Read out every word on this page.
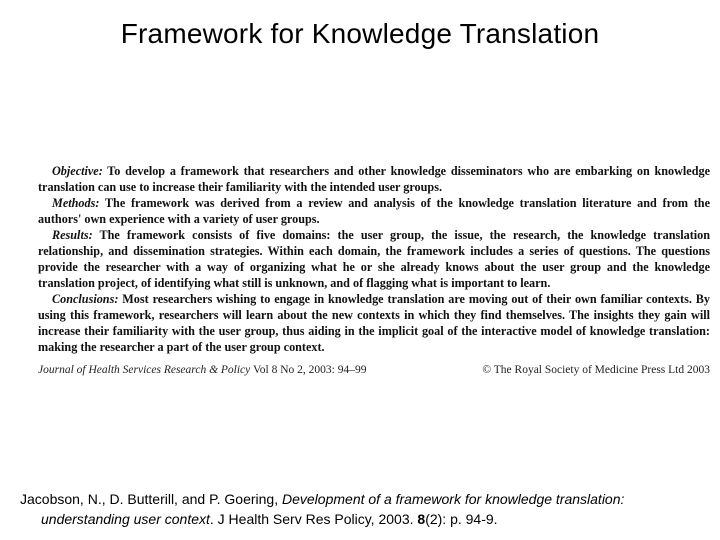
Framework for Knowledge Translation

Objective: To develop a framework that researchers and other knowledge disseminators who are embarking on knowledge translation can use to increase their familiarity with the intended user groups.

Methods: The framework was derived from a review and analysis of the knowledge translation literature and from the authors' own experience with a variety of user groups.

Results: The framework consists of five domains: the user group, the issue, the research, the knowledge translation relationship, and dissemination strategies. Within each domain, the framework includes a series of questions. The questions provide the researcher with a way of organizing what he or she already knows about the user group and the knowledge translation project, of identifying what still is unknown, and of flagging what is important to learn.

Conclusions: Most researchers wishing to engage in knowledge translation are moving out of their own familiar contexts. By using this framework, researchers will learn about the new contexts in which they find themselves. The insights they gain will increase their familiarity with the user group, thus aiding in the implicit goal of the interactive model of knowledge translation: making the researcher a part of the user group context.

Journal of Health Services Research & Policy Vol 8 No 2, 2003: 94–99	© The Royal Society of Medicine Press Ltd 2003
Jacobson, N., D. Butterill, and P. Goering, Development of a framework for knowledge translation:
understanding user context. J Health Serv Res Policy, 2003. 8(2): p. 94-9.
